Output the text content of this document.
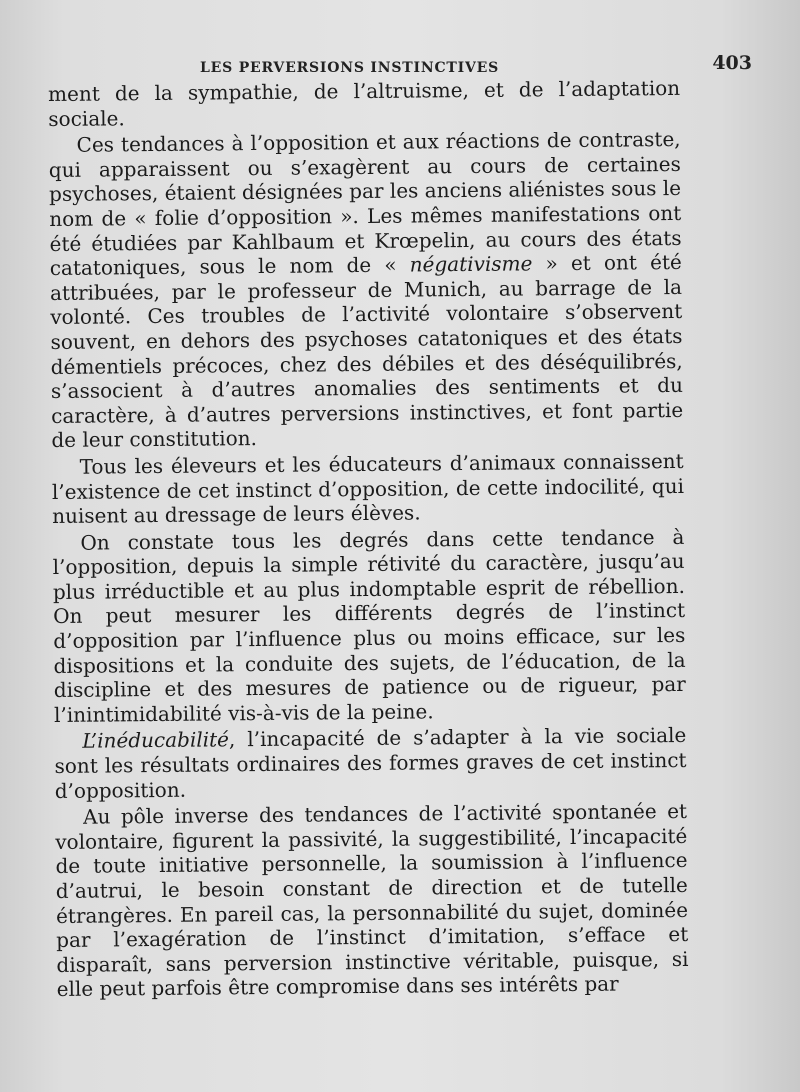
LES PERVERSIONS INSTINCTIVES	403

ment de la sympathie, de l’altruisme, et de l’adaptation sociale.

Ces tendances à l’opposition et aux réactions de contraste, qui apparaissent ou s’exagèrent au cours de certaines psychoses, étaient désignées par les anciens aliénistes sous le nom de « folie d’opposition ». Les mêmes manifestations ont été étudiées par Kahlbaum et Krœpelin, au cours des états catatoniques, sous le nom de « négativisme » et ont été attribuées, par le professeur de Munich, au barrage de la volonté. Ces troubles de l’activité volontaire s’observent souvent, en dehors des psychoses catatoniques et des états démentiels précoces, chez des débiles et des déséquilibrés, s’associent à d’autres anomalies des sentiments et du caractère, à d’autres perversions instinctives, et font partie de leur constitution.

Tous les éleveurs et les éducateurs d’animaux connaissent l’existence de cet instinct d’opposition, de cette indocilité, qui nuisent au dressage de leurs élèves.

On constate tous les degrés dans cette tendance à l’opposition, depuis la simple rétivité du caractère, jusqu’au plus irréductible et au plus indomptable esprit de rébellion. On peut mesurer les différents degrés de l’instinct d’opposition par l’influence plus ou moins efficace, sur les dispositions et la conduite des sujets, de l’éducation, de la discipline et des mesures de patience ou de rigueur, par l’inintimidabilité vis-à-vis de la peine.

L’inéducabilité, l’incapacité de s’adapter à la vie sociale sont les résultats ordinaires des formes graves de cet instinct d’opposition.

Au pôle inverse des tendances de l’activité spontanée et volontaire, figurent la passivité, la suggestibilité, l’incapacité de toute initiative personnelle, la soumission à l’influence d’autrui, le besoin constant de direction et de tutelle étrangères. En pareil cas, la personnabilité du sujet, dominée par l’exagération de l’instinct d’imitation, s’efface et disparaît, sans perversion instinctive véritable, puisque, si elle peut parfois être compromise dans ses intérêts par
